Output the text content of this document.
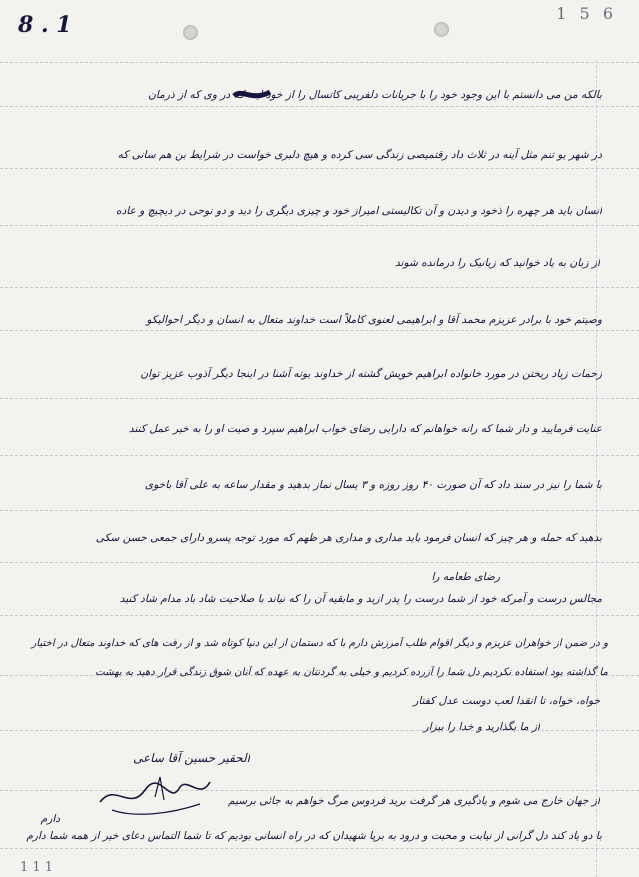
8 . 1	1 5 6
1 1 1
بالکه من می دانستم با این وجود خود را با جریانات دلفریبی کاتسال را از خود اینه که در وی که از ذرمان
در شهر یو تنم مثل آینه در ثلاث داد رقتمیصی زندگی سی کرده و هیچ دلبری خواست در شرایط بن هم سانی که
انسان باید هر چهره را ذخود و دیدن و آن تکالیستی امیراز خود و چیزی دیگری را دید و دو نوحی در دیچیچ و عاده
از زبان به یاد خوانید که زیانیک را درمانده شوند
وصیتم خود با برادر عزیزم محمد آقا و ابراهیمی لعنوی کاملاً است خداوند متعال به انسان و دیگر احوالیکو
زحمات زیاد ریختن در مورد خانواده ابراهیم خویش گشته از خداوند یوته آشنا در اینجا دیگر آذوب عزیز توان
عنایت فرمایید و داز شما که رانه خواهانم که دارایی رضای خواب ابراهیم سپرد و صیت او را به خیر عمل کنند
با شما را نیز در سند داد که آن صورت ۴۰ روز روزه و ۳ یسال نماز بدهید و مقدار ساعه به علی آقا باخوی
بدهید که حمله و هر چیز که انسان فرمود باید مداری و مداری هر ظهم که مورد توجه پسرو دارای جمعی حسن سکی
رضای طعامه را
مجالس درست و آمرکه خود از شما درست را پدر ازید و مابقیه آن را که نیاند با صلاحیت شاد باد مدام شاد کنید
و در ضمن از خواهران عزیزم و دیگر اقوام طلب آمرزش دارم با که دستمان از این دنیا کوتاه شد و از رفت های که خداوند متعال در اختیار
ما گذاشته بود استفاده نکردیم دل شما را آزرده کردیم و خیلی به گردنتان به عهده که آنان شوق زندگی قرار دهید به بهشت
خواه، خواه، تا انقدا لعب دوست عدل کفتار
از ما بگذارید و خدا را بیزار
الحقیر حسین آقا ساعی
از جهان خارج می شوم و یادگیری هر گرفت برید فردوس مرگ خواهم به جائی برسیم
دارم
با دو یاد کند دل گرانی از نیابت و محبت و درود به برپا شهیدان که در راه انسانی بودیم که تا شما التماس دعای خیر از همه شما دارم
